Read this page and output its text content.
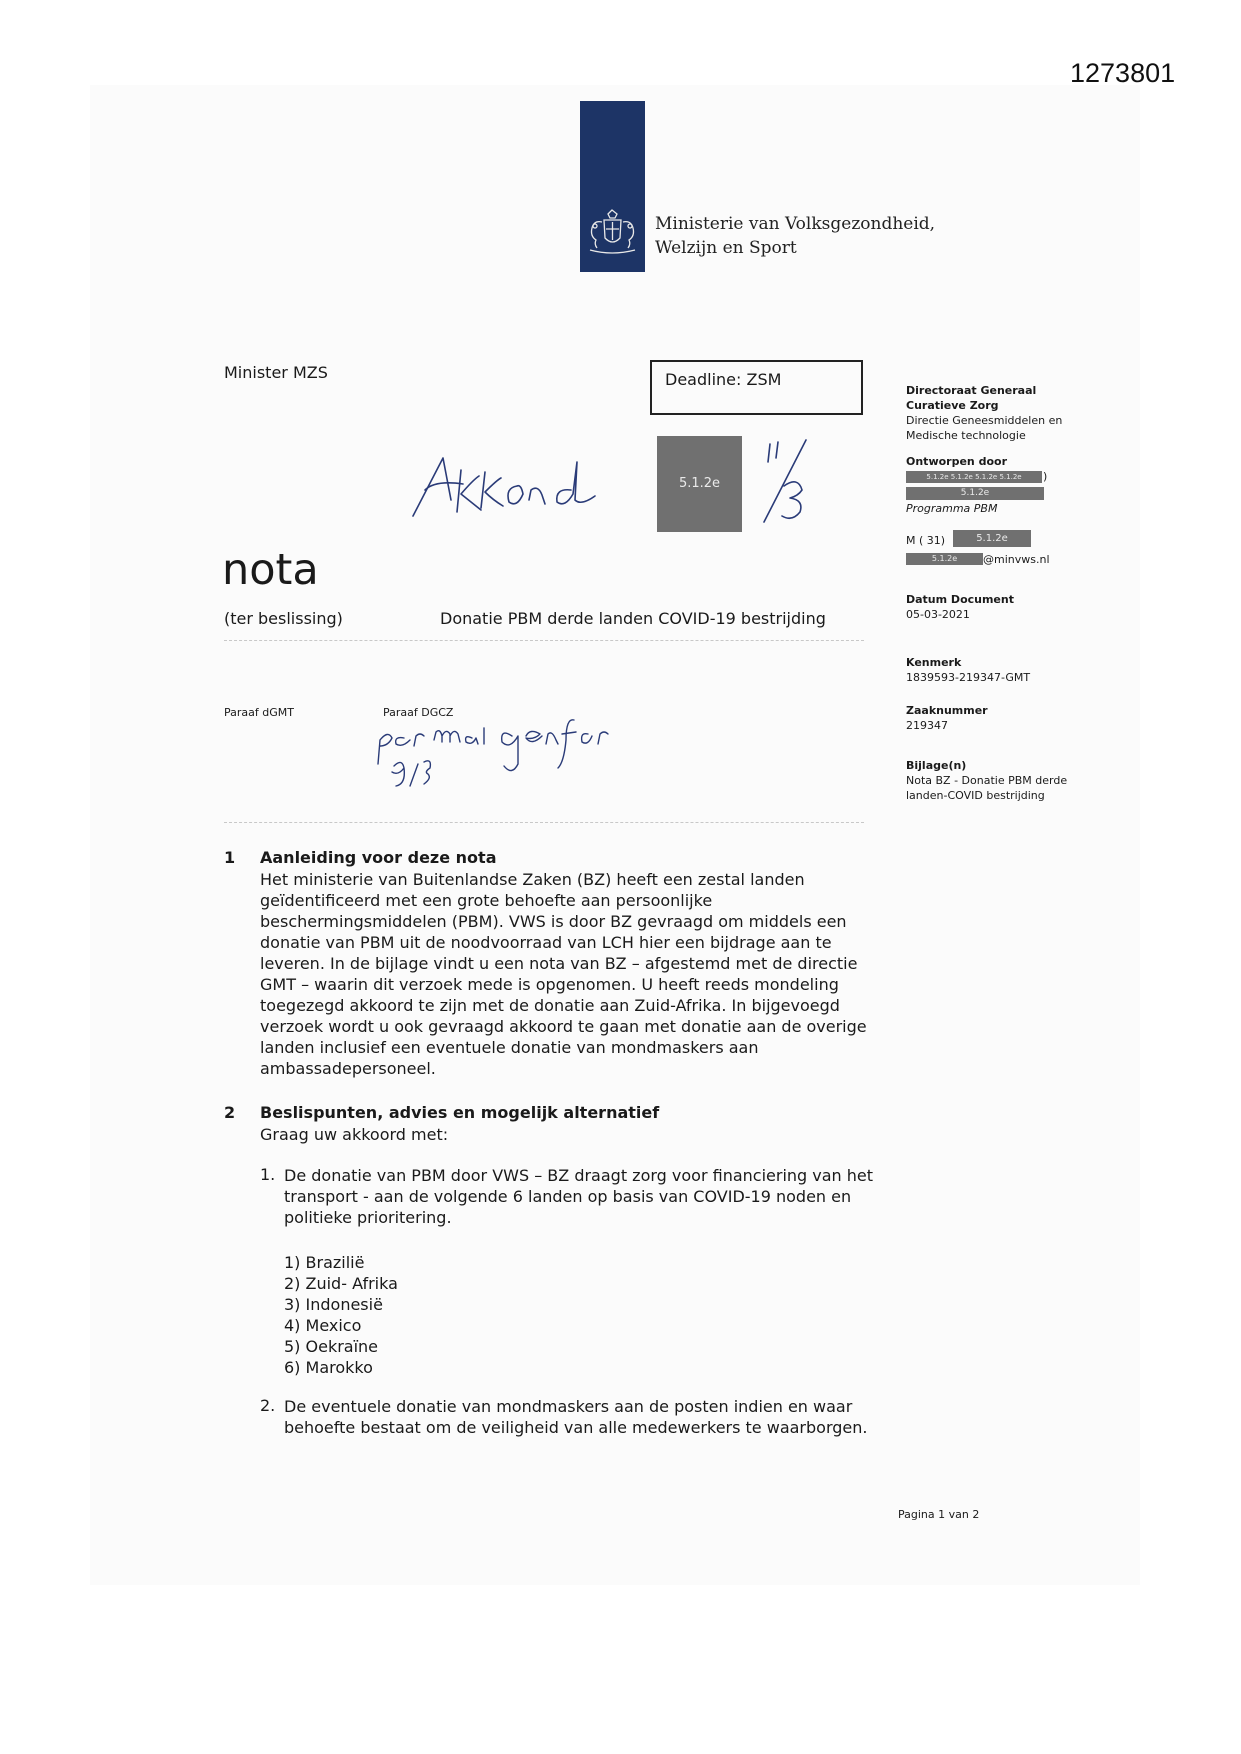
1273801
Ministerie van Volksgezondheid,
Welzijn en Sport
Minister MZS	Deadline: ZSM
5.1.2e
nota
(ter beslissing)	Donatie PBM derde landen COVID-19 bestrijding
Paraaf dGMT	Paraaf DGCZ
Directoraat Generaal
Curatieve Zorg
Directie Geneesmiddelen en
Medische technologie
Ontworpen door
5.1.2e 5.1.2e 5.1.2e 5.1.2e	)
5.1.2e
Programma PBM
M ( 31)	5.1.2e
5.1.2e	@minvws.nl
Datum Document
05-03-2021
Kenmerk
1839593-219347-GMT
Zaaknummer
219347
Bijlage(n)
Nota BZ - Donatie PBM derde
landen-COVID bestrijding
1 Aanleiding voor deze nota

Het ministerie van Buitenlandse Zaken (BZ) heeft een zestal landen

geïdentificeerd met een grote behoefte aan persoonlijke

beschermingsmiddelen (PBM). VWS is door BZ gevraagd om middels een

donatie van PBM uit de noodvoorraad van LCH hier een bijdrage aan te

leveren. In de bijlage vindt u een nota van BZ – afgestemd met de directie

GMT – waarin dit verzoek mede is opgenomen. U heeft reeds mondeling

toegezegd akkoord te zijn met de donatie aan Zuid-Afrika. In bijgevoegd

verzoek wordt u ook gevraagd akkoord te gaan met donatie aan de overige

landen inclusief een eventuele donatie van mondmaskers aan

ambassadepersoneel.

2 Beslispunten, advies en mogelijk alternatief
Graag uw akkoord met:
1. De donatie van PBM door VWS – BZ draagt zorg voor financiering van het
transport - aan de volgende 6 landen op basis van COVID-19 noden en
politieke prioritering.
1) Brazilië
2) Zuid- Afrika
3) Indonesië
4) Mexico
5) Oekraïne
6) Marokko
2. De eventuele donatie van mondmaskers aan de posten indien en waar
behoefte bestaat om de veiligheid van alle medewerkers te waarborgen.
Pagina 1 van 2
